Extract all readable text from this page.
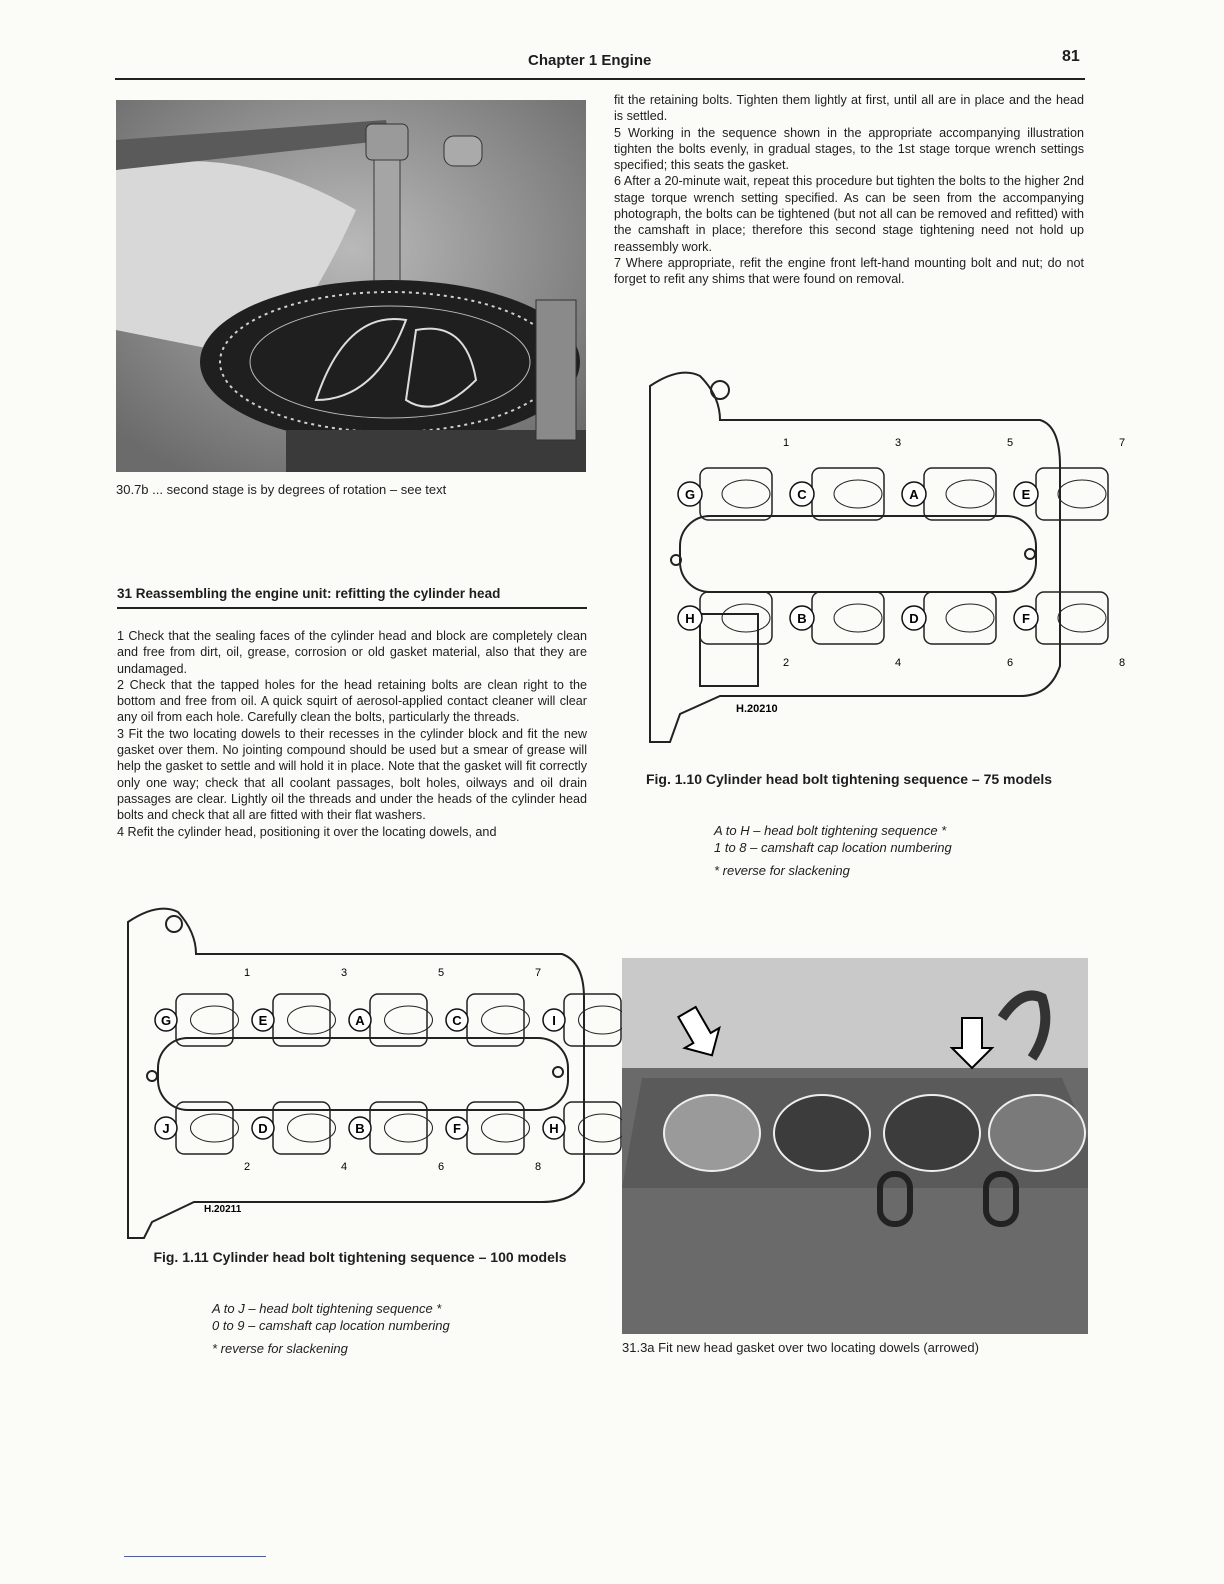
Chapter 1 Engine	81
30.7b ... second stage is by degrees of rotation – see text

fit the retaining bolts. Tighten them lightly at first, until all are in place and the head is settled.

5 Working in the sequence shown in the appropriate accompanying illustration tighten the bolts evenly, in gradual stages, to the 1st stage torque wrench settings specified; this seats the gasket.

6 After a 20-minute wait, repeat this procedure but tighten the bolts to the higher 2nd stage torque wrench setting specified. As can be seen from the accompanying photograph, the bolts can be tightened (but not all can be removed and refitted) with the camshaft in place; therefore this second stage tightening need not hold up reassembly work.

7 Where appropriate, refit the engine front left-hand mounting bolt and nut; do not forget to refit any shims that were found on removal.

31 Reassembling the engine unit: refitting the cylinder head

1 Check that the sealing faces of the cylinder head and block are completely clean and free from dirt, oil, grease, corrosion or old gasket material, also that they are undamaged.

2 Check that the tapped holes for the head retaining bolts are clean right to the bottom and free from oil. A quick squirt of aerosol-applied contact cleaner will clear any oil from each hole. Carefully clean the bolts, particularly the threads.

3 Fit the two locating dowels to their recesses in the cylinder block and fit the new gasket over them. No jointing compound should be used but a smear of grease will help the gasket to settle and will hold it in place. Note that the gasket will fit correctly only one way; check that all coolant passages, bolt holes, oilways and oil drain passages are clear. Lightly oil the threads and under the heads of the cylinder head bolts and check that all are fitted with their flat washers.

4 Refit the cylinder head, positioning it over the locating dowels, and

G
1
C
3
A
5
E
7
H
2
B
4
D
6
F
8
H.20210
Fig. 1.10 Cylinder head bolt tightening sequence – 75 models
A to H – head bolt tightening sequence *
1 to 8 – camshaft cap location numbering
* reverse for slackening
G
1
E
3
A
5
C
7
I
J
2
D
4
B
6
F
8
H
H.20211
Fig. 1.11 Cylinder head bolt tightening sequence – 100 models
A to J – head bolt tightening sequence *
0 to 9 – camshaft cap location numbering
* reverse for slackening	31.3a Fit new head gasket over two locating dowels (arrowed)
